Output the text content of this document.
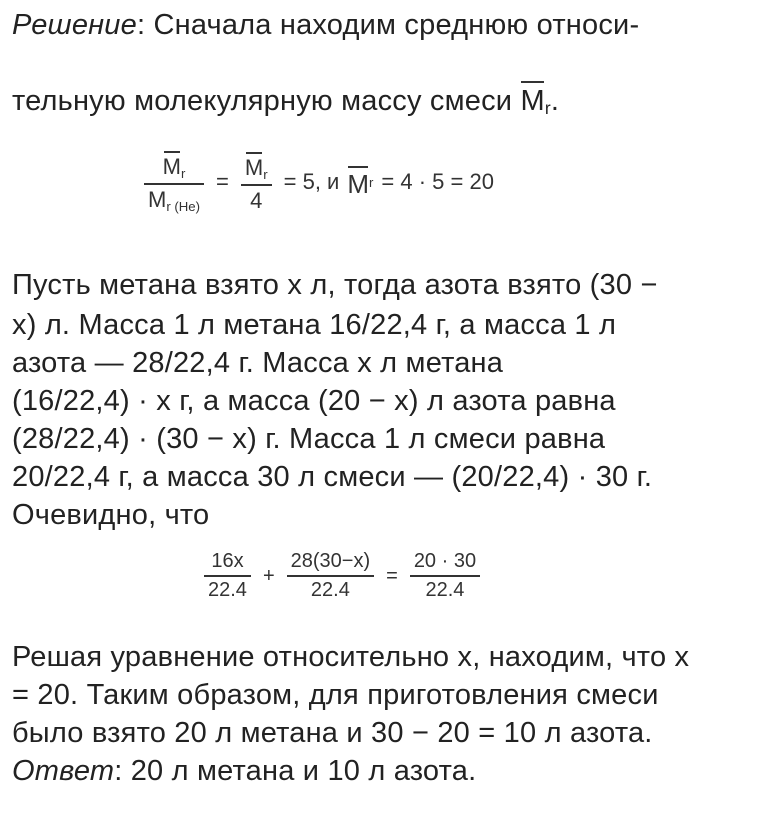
Решение: Сначала находим среднюю относи-
тельную молекулярную массу смеси $M_r$.
$\frac{M_r}{M_{r (He)}} = \frac{M_r}{4} = 5$, и M r = 4 · 5 = 20
Пусть метана взято x л, тогда азота взято (30 −
x) л. Масса 1 л метана 16/22,4 г, а масса 1 л
азота — 28/22,4 г. Масса x л метана
(16/22,4) · x г, а масса (20 − x) л азота равна
(28/22,4) · (30 − x) г. Масса 1 л смеси равна
20/22,4 г, а масса 30 л смеси — (20/22,4) · 30 г.
Очевидно, что
$\frac{16x}{22.4} + \frac{28(30-x)}{22.4} = \frac{20 \cdot 30}{22.4}$
Решая уравнение относительно x, находим, что x
= 20. Таким образом, для приготовления смеси
было взято 20 л метана и 30 − 20 = 10 л азота.
Ответ: 20 л метана и 10 л азота.
